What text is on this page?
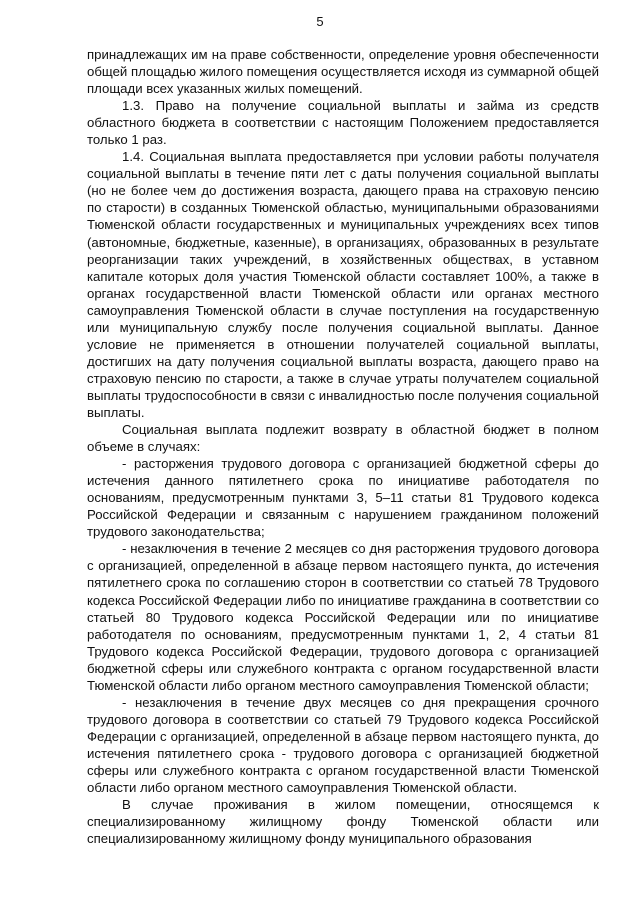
5

принадлежащих им на праве собственности, определение уровня обеспеченности общей площадью жилого помещения осуществляется исходя из суммарной общей площади всех указанных жилых помещений.

1.3. Право на получение социальной выплаты и займа из средств областного бюджета в соответствии с настоящим Положением предоставляется только 1 раз.

1.4. Социальная выплата предоставляется при условии работы получателя социальной выплаты в течение пяти лет с даты получения социальной выплаты (но не более чем до достижения возраста, дающего права на страховую пенсию по старости) в созданных Тюменской областью, муниципальными образованиями Тюменской области государственных и муниципальных учреждениях всех типов (автономные, бюджетные, казенные), в организациях, образованных в результате реорганизации таких учреждений, в хозяйственных обществах, в уставном капитале которых доля участия Тюменской области составляет 100%, а также в органах государственной власти Тюменской области или органах местного самоуправления Тюменской области в случае поступления на государственную или муниципальную службу после получения социальной выплаты. Данное условие не применяется в отношении получателей социальной выплаты, достигших на дату получения социальной выплаты возраста, дающего право на страховую пенсию по старости, а также в случае утраты получателем социальной выплаты трудоспособности в связи с инвалидностью после получения социальной выплаты.

Социальная выплата подлежит возврату в областной бюджет в полном объеме в случаях:

- расторжения трудового договора с организацией бюджетной сферы до истечения данного пятилетнего срока по инициативе работодателя по основаниям, предусмотренным пунктами 3, 5–11 статьи 81 Трудового кодекса Российской Федерации и связанным с нарушением гражданином положений трудового законодательства;

- незаключения в течение 2 месяцев со дня расторжения трудового договора с организацией, определенной в абзаце первом настоящего пункта, до истечения пятилетнего срока по соглашению сторон в соответствии со статьей 78 Трудового кодекса Российской Федерации либо по инициативе гражданина в соответствии со статьей 80 Трудового кодекса Российской Федерации или по инициативе работодателя по основаниям, предусмотренным пунктами 1, 2, 4 статьи 81 Трудового кодекса Российской Федерации, трудового договора с организацией бюджетной сферы или служебного контракта с органом государственной власти Тюменской области либо органом местного самоуправления Тюменской области;

- незаключения в течение двух месяцев со дня прекращения срочного трудового договора в соответствии со статьей 79 Трудового кодекса Российской Федерации с организацией, определенной в абзаце первом настоящего пункта, до истечения пятилетнего срока - трудового договора с организацией бюджетной сферы или служебного контракта с органом государственной власти Тюменской области либо органом местного самоуправления Тюменской области.

В случае проживания в жилом помещении, относящемся к специализированному жилищному фонду Тюменской области или специализированному жилищному фонду муниципального образования
